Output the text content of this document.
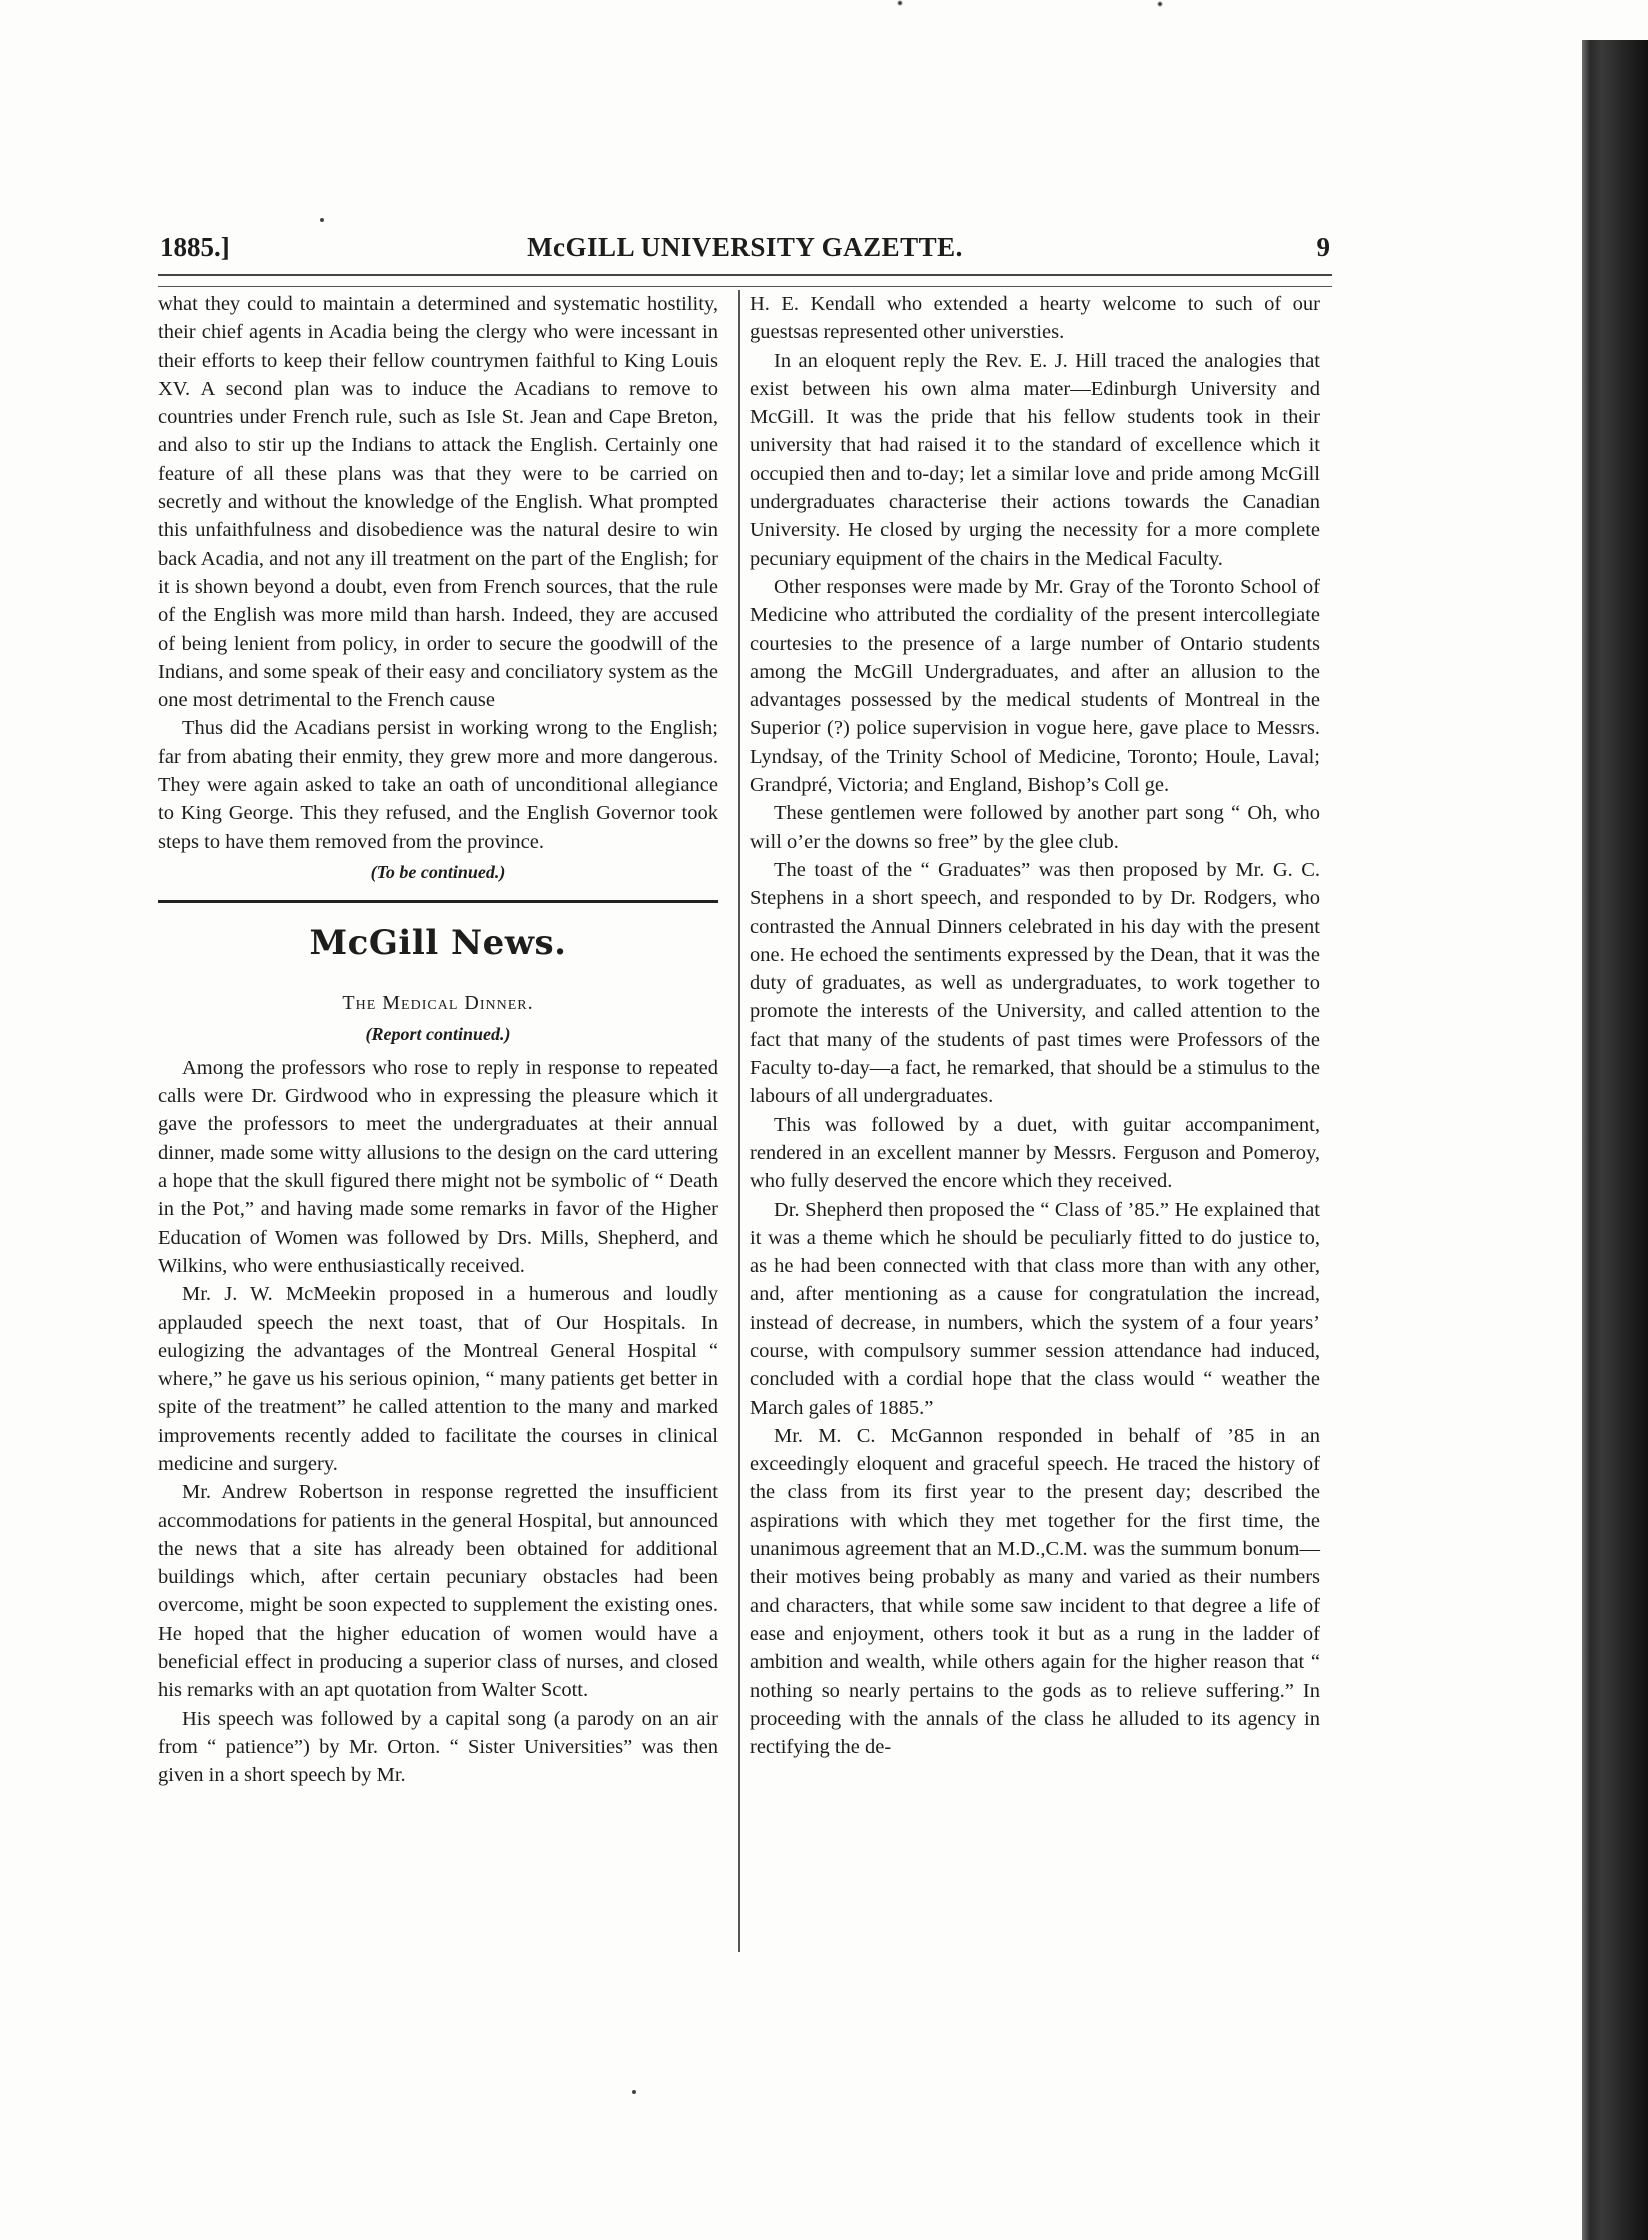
1885.]	McGILL UNIVERSITY GAZETTE.	9

what they could to maintain a determined and systematic hostility, their chief agents in Acadia being the clergy who were incessant in their efforts to keep their fellow countrymen faithful to King Louis XV. A second plan was to induce the Acadians to remove to countries under French rule, such as Isle St. Jean and Cape Breton, and also to stir up the Indians to attack the English. Certainly one feature of all these plans was that they were to be carried on secretly and without the knowledge of the English. What prompted this unfaithfulness and disobedience was the natural desire to win back Acadia, and not any ill treatment on the part of the English; for it is shown beyond a doubt, even from French sources, that the rule of the English was more mild than harsh. Indeed, they are accused of being lenient from policy, in order to secure the goodwill of the Indians, and some speak of their easy and conciliatory system as the one most detrimental to the French cause

Thus did the Acadians persist in working wrong to the English; far from abating their enmity, they grew more and more dangerous. They were again asked to take an oath of unconditional allegiance to King George. This they refused, and the English Governor took steps to have them removed from the province.

(To be continued.)
McGill News.
The Medical Dinner.
(Report continued.)

Among the professors who rose to reply in response to repeated calls were Dr. Girdwood who in expressing the pleasure which it gave the professors to meet the undergraduates at their annual dinner, made some witty allusions to the design on the card uttering a hope that the skull figured there might not be symbolic of “ Death in the Pot,” and having made some remarks in favor of the Higher Education of Women was followed by Drs. Mills, Shepherd, and Wilkins, who were enthusiastically received.

Mr. J. W. McMeekin proposed in a humerous and loudly applauded speech the next toast, that of Our Hospitals. In eulogizing the advantages of the Montreal General Hospital “ where,” he gave us his serious opinion, “ many patients get better in spite of the treatment” he called attention to the many and marked improvements recently added to facilitate the courses in clinical medicine and surgery.

Mr. Andrew Robertson in response regretted the insufficient accommodations for patients in the general Hospital, but announced the news that a site has already been obtained for additional buildings which, after certain pecuniary obstacles had been overcome, might be soon expected to supplement the existing ones. He hoped that the higher education of women would have a beneficial effect in producing a superior class of nurses, and closed his remarks with an apt quotation from Walter Scott.

His speech was followed by a capital song (a parody on an air from “ patience”) by Mr. Orton. “ Sister Universities” was then given in a short speech by Mr.

H. E. Kendall who extended a hearty welcome to such of our guestsas represented other universties.

In an eloquent reply the Rev. E. J. Hill traced the analogies that exist between his own alma mater—Edinburgh University and McGill. It was the pride that his fellow students took in their university that had raised it to the standard of excellence which it occupied then and to-day; let a similar love and pride among McGill undergraduates characterise their actions towards the Canadian University. He closed by urging the necessity for a more complete pecuniary equipment of the chairs in the Medical Faculty.

Other responses were made by Mr. Gray of the Toronto School of Medicine who attributed the cordiality of the present intercollegiate courtesies to the presence of a large number of Ontario students among the McGill Undergraduates, and after an allusion to the advantages possessed by the medical students of Montreal in the Superior (?) police supervision in vogue here, gave place to Messrs. Lyndsay, of the Trinity School of Medicine, Toronto; Houle, Laval; Grandpré, Victoria; and England, Bishop’s Coll ge.

These gentlemen were followed by another part song “ Oh, who will o’er the downs so free” by the glee club.

The toast of the “ Graduates” was then proposed by Mr. G. C. Stephens in a short speech, and responded to by Dr. Rodgers, who contrasted the Annual Dinners celebrated in his day with the present one. He echoed the sentiments expressed by the Dean, that it was the duty of graduates, as well as undergraduates, to work together to promote the interests of the University, and called attention to the fact that many of the students of past times were Professors of the Faculty to-day—a fact, he remarked, that should be a stimulus to the labours of all undergraduates.

This was followed by a duet, with guitar accompaniment, rendered in an excellent manner by Messrs. Ferguson and Pomeroy, who fully deserved the encore which they received.

Dr. Shepherd then proposed the “ Class of ’85.” He explained that it was a theme which he should be peculiarly fitted to do justice to, as he had been connected with that class more than with any other, and, after mentioning as a cause for congratulation the incread, instead of decrease, in numbers, which the system of a four years’ course, with compulsory summer session attendance had induced, concluded with a cordial hope that the class would “ weather the March gales of 1885.”

Mr. M. C. McGannon responded in behalf of ’85 in an exceedingly eloquent and graceful speech. He traced the history of the class from its first year to the present day; described the aspirations with which they met together for the first time, the unanimous agreement that an M.D.,C.M. was the summum bonum—their motives being probably as many and varied as their numbers and characters, that while some saw incident to that degree a life of ease and enjoyment, others took it but as a rung in the ladder of ambition and wealth, while others again for the higher reason that “ nothing so nearly pertains to the gods as to relieve suffering.” In proceeding with the annals of the class he alluded to its agency in rectifying the de-
